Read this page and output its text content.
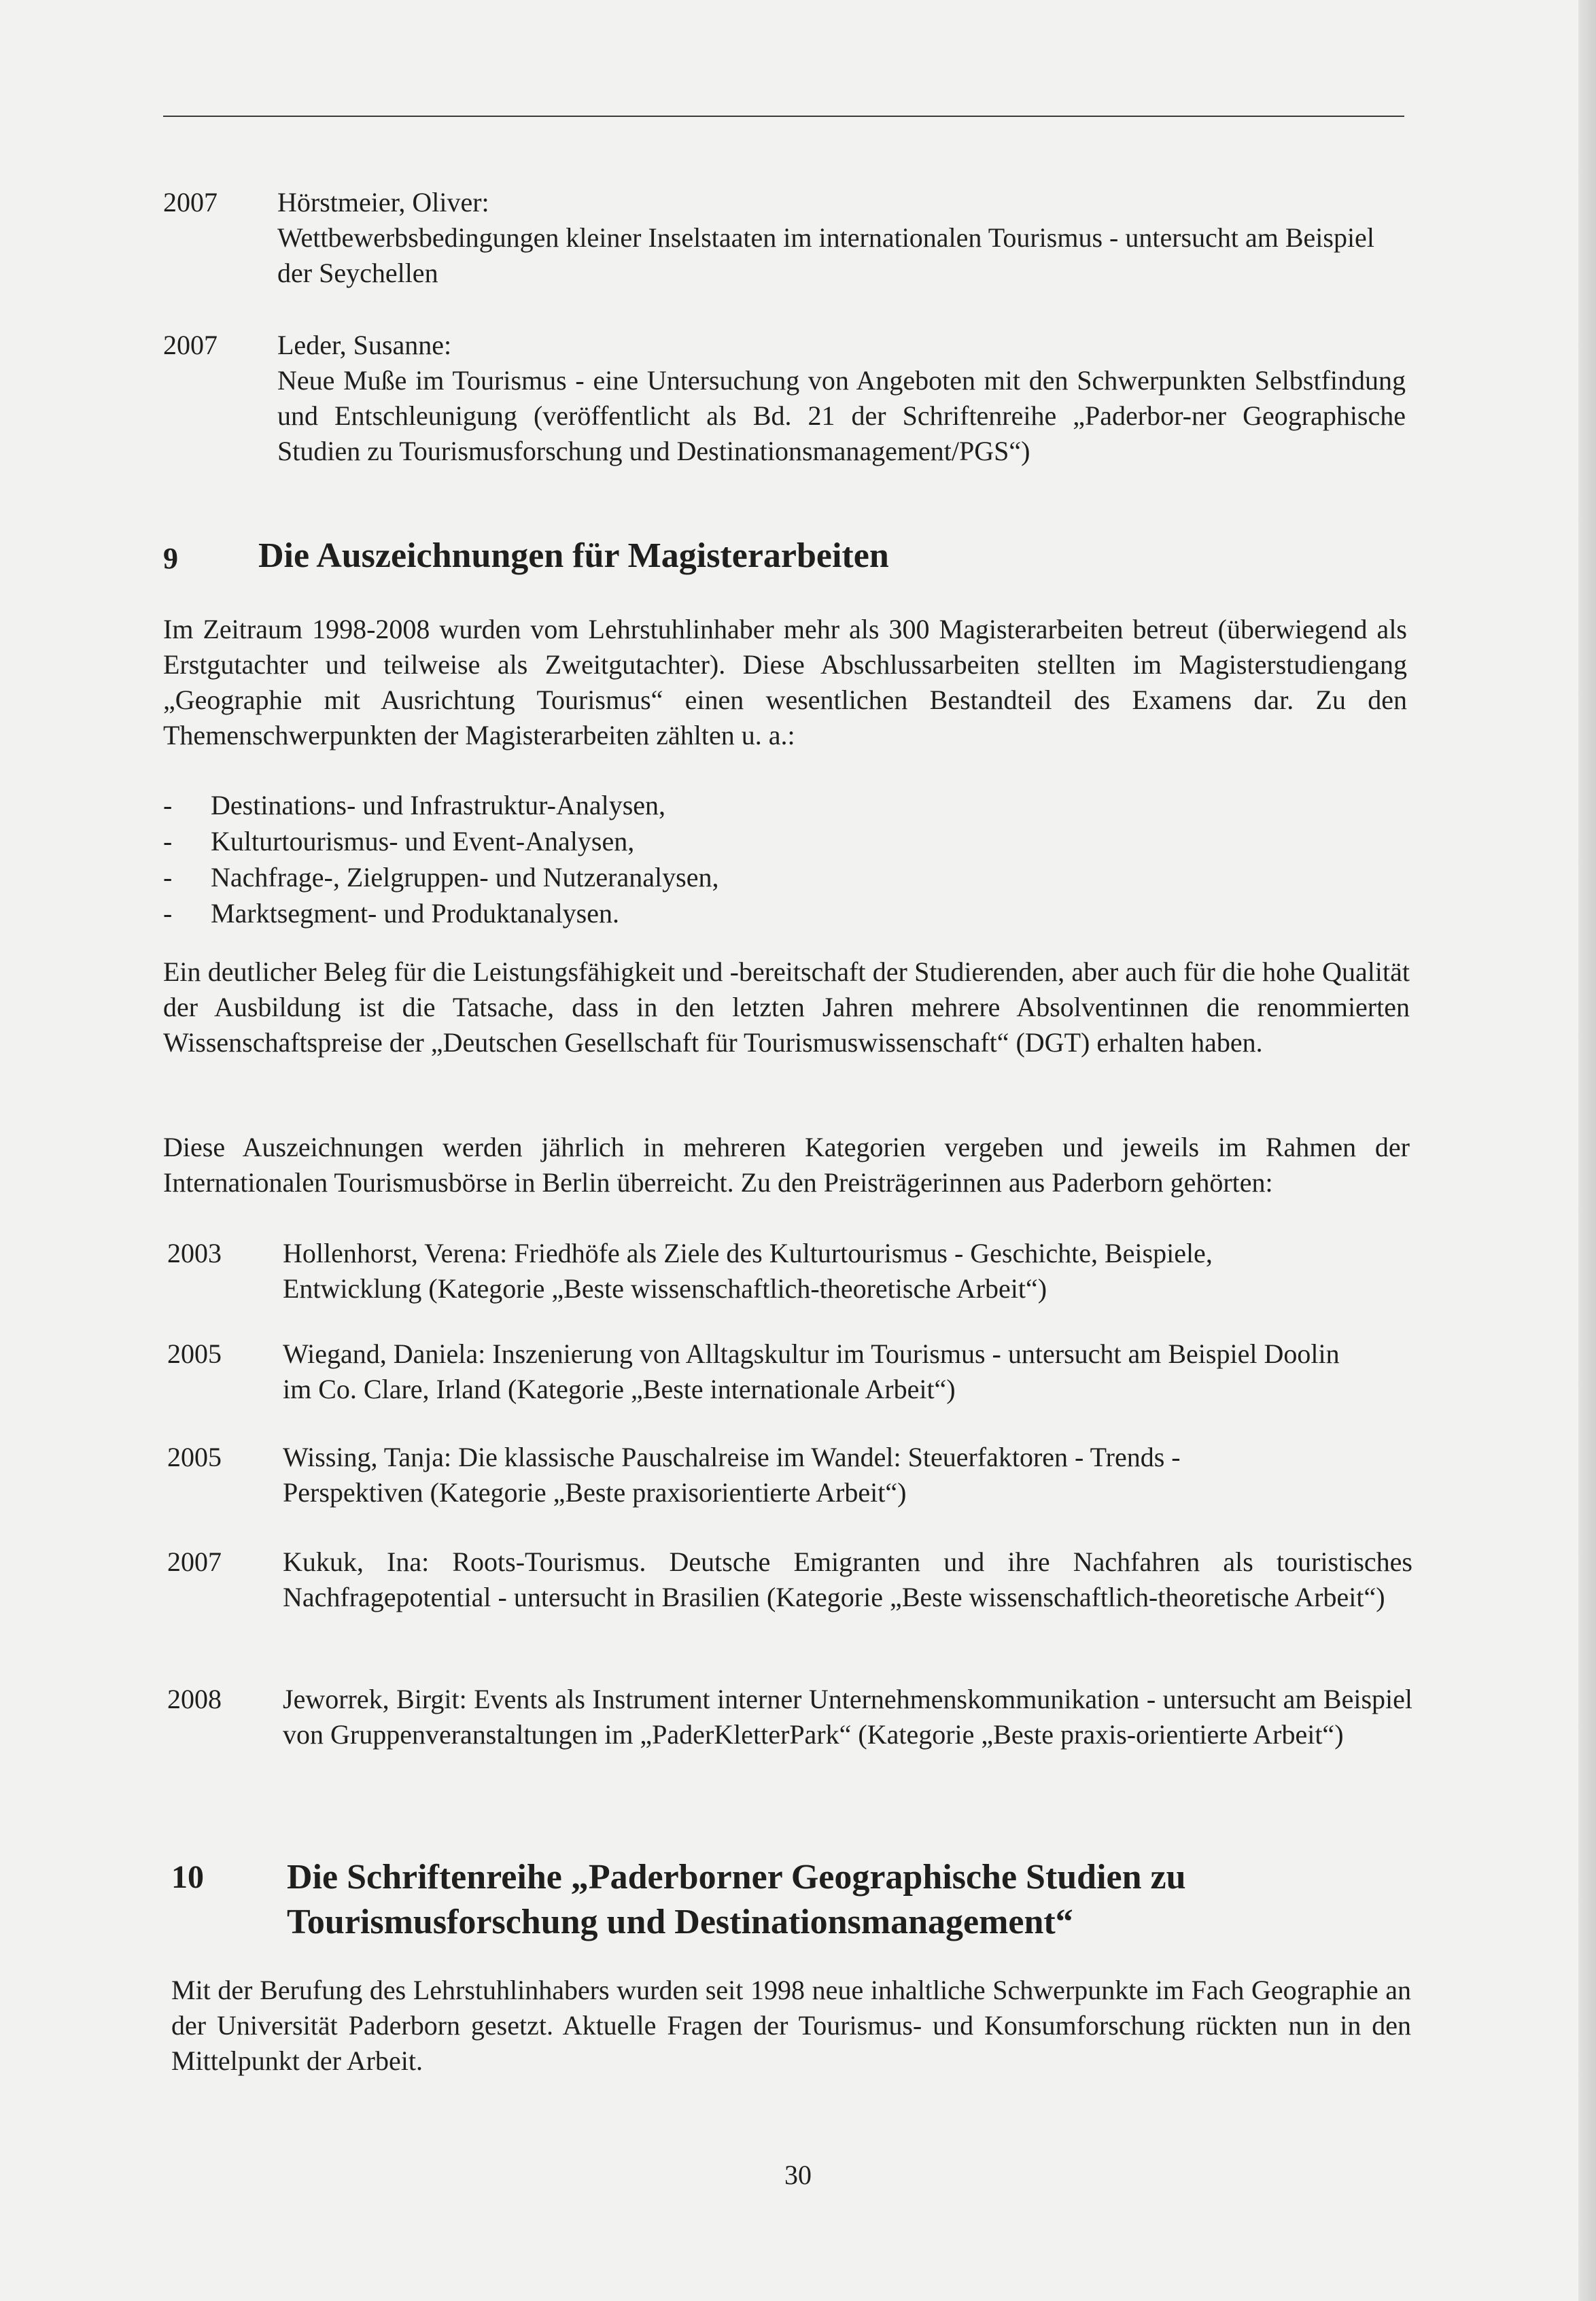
2007 Hörstmeier, Oliver:

Wettbewerbsbedingungen kleiner Inselstaaten im internationalen Tourismus - untersucht am Beispiel der Seychellen

2007 Leder, Susanne:

Neue Muße im Tourismus - eine Untersuchung von Angeboten mit den Schwerpunkten Selbstfindung und Entschleunigung (veröffentlicht als Bd. 21 der Schriftenreihe „Paderbor-ner Geographische Studien zu Tourismusforschung und Destinationsmanagement/PGS“)

9 Die Auszeichnungen für Magisterarbeiten

Im Zeitraum 1998-2008 wurden vom Lehrstuhlinhaber mehr als 300 Magisterarbeiten betreut (überwiegend als Erstgutachter und teilweise als Zweitgutachter). Diese Abschlussarbeiten stellten im Magisterstudiengang „Geographie mit Ausrichtung Tourismus“ einen wesentlichen Bestandteil des Examens dar. Zu den Themenschwerpunkten der Magisterarbeiten zählten u. a.:

- Destinations- und Infrastruktur-Analysen,
- Kulturtourismus- und Event-Analysen,
- Nachfrage-, Zielgruppen- und Nutzeranalysen,
- Marktsegment- und Produktanalysen.

Ein deutlicher Beleg für die Leistungsfähigkeit und -bereitschaft der Studierenden, aber auch für die hohe Qualität der Ausbildung ist die Tatsache, dass in den letzten Jahren mehrere Absolventinnen die renommierten Wissenschaftspreise der „Deutschen Gesellschaft für Tourismuswissenschaft“ (DGT) erhalten haben.

Diese Auszeichnungen werden jährlich in mehreren Kategorien vergeben und jeweils im Rahmen der Internationalen Tourismusbörse in Berlin überreicht. Zu den Preisträgerinnen aus Paderborn gehörten:

2003 Hollenhorst, Verena: Friedhöfe als Ziele des Kulturtourismus - Geschichte, Beispiele, Entwicklung (Kategorie „Beste wissenschaftlich-theoretische Arbeit“)

2005 Wiegand, Daniela: Inszenierung von Alltagskultur im Tourismus - untersucht am Beispiel Doolin im Co. Clare, Irland (Kategorie „Beste internationale Arbeit“)

2005 Wissing, Tanja: Die klassische Pauschalreise im Wandel: Steuerfaktoren - Trends - Perspektiven (Kategorie „Beste praxisorientierte Arbeit“)

2007 Kukuk, Ina: Roots-Tourismus. Deutsche Emigranten und ihre Nachfahren als touristisches Nachfragepotential - untersucht in Brasilien (Kategorie „Beste wissenschaftlich-theoretische Arbeit“)

2008 Jeworrek, Birgit: Events als Instrument interner Unternehmenskommunikation - untersucht am Beispiel von Gruppenveranstaltungen im „PaderKletterPark“ (Kategorie „Beste praxis-orientierte Arbeit“)

10 Die Schriftenreihe „Paderborner Geographische Studien zu
Tourismusforschung und Destinationsmanagement“

Mit der Berufung des Lehrstuhlinhabers wurden seit 1998 neue inhaltliche Schwerpunkte im Fach Geographie an der Universität Paderborn gesetzt. Aktuelle Fragen der Tourismus- und Konsumforschung rückten nun in den Mittelpunkt der Arbeit.

30
